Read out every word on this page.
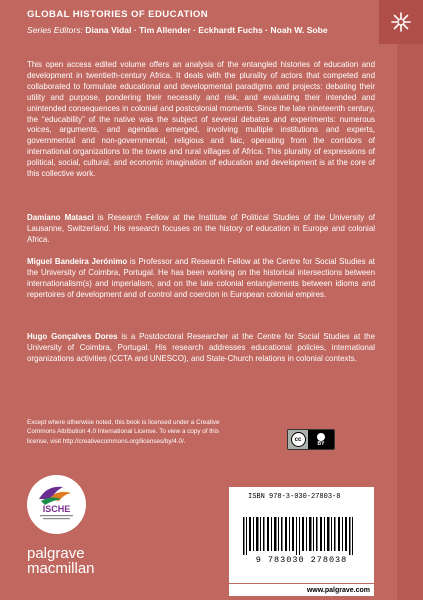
GLOBAL HISTORIES OF EDUCATION
Series Editors: Diana Vidal · Tim Allender · Eckhardt Fuchs · Noah W. Sobe
This open access edited volume offers an analysis of the entangled histories of education and development in twentieth-century Africa. It deals with the plurality of actors that competed and collaborated to formulate educational and developmental paradigms and projects: debating their utility and purpose, pondering their necessity and risk, and evaluating their intended and unintended consequences in colonial and postcolonial moments. Since the late nineteenth century, the “educability” of the native was the subject of several debates and experiments: numerous voices, arguments, and agendas emerged, involving multiple institutions and experts, governmental and non-governmental, religious and laic, operating from the corridors of international organizations to the towns and rural villages of Africa. This plurality of expressions of political, social, cultural, and economic imagination of education and development is at the core of this collective work.
Damiano Matasci is Research Fellow at the Institute of Political Studies of the University of Lausanne, Switzerland. His research focuses on the history of education in Europe and colonial Africa.
Miguel Bandeira Jerónimo is Professor and Research Fellow at the Centre for Social Studies at the University of Coimbra, Portugal. He has been working on the historical intersections between internationalism(s) and imperialism, and on the late colonial entanglements between idioms and repertoires of development and of control and coercion in European colonial empires.
Hugo Gonçalves Dores is a Postdoctoral Researcher at the Centre for Social Studies at the University of Coimbra, Portugal. His research addresses educational policies, international organizations activities (CCTA and UNESCO), and State-Church relations in colonial contexts.
Except where otherwise noted, this book is licensed under a Creative Commons Attribution 4.0 International License. To view a copy of this license, visit http://creativecommons.org/licenses/by/4.0/.	cc
BY
ISCHE
palgrave
macmillan
ISBN 978-3-030-27803-8
9 783030 278038
www.palgrave.com
